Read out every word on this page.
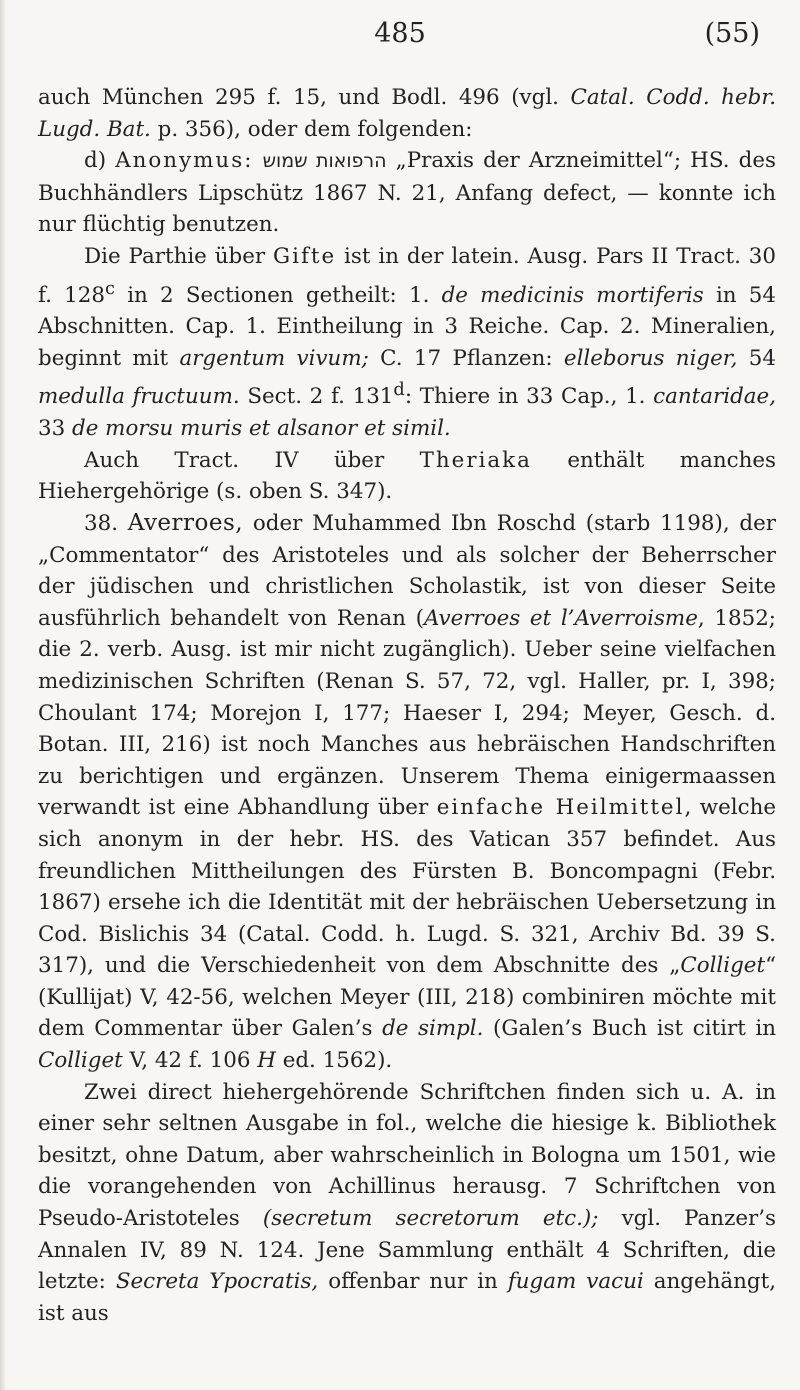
485	(55)

auch München 295 f. 15, und Bodl. 496 (vgl. Catal. Codd. hebr. Lugd. Bat. p. 356), oder dem folgenden:

d) Anonymus: הרפואות שמוש „Praxis der Arzneimittel“; HS. des Buchhändlers Lipschütz 1867 N. 21, Anfang defect, — konnte ich nur flüchtig benutzen.

Die Parthie über Gifte ist in der latein. Ausg. Pars II Tract. 30 f. 128$^c$ in 2 Sectionen getheilt: 1. de medicinis mortiferis in 54 Abschnitten. Cap. 1. Eintheilung in 3 Reiche. Cap. 2. Mineralien, beginnt mit argentum vivum; C. 17 Pflanzen: elleborus niger, 54 medulla fructuum. Sect. 2 f. 131$^d$: Thiere in 33 Cap., 1. cantaridae, 33 de morsu muris et alsanor et simil.

Auch Tract. IV über Theriaka enthält manches Hiehergehörige (s. oben S. 347).

38. Averroes, oder Muhammed Ibn Roschd (starb 1198), der „Commentator“ des Aristoteles und als solcher der Beherrscher der jüdischen und christlichen Scholastik, ist von dieser Seite ausführlich behandelt von Renan (Averroes et l’Averroisme, 1852; die 2. verb. Ausg. ist mir nicht zugänglich). Ueber seine vielfachen medizinischen Schriften (Renan S. 57, 72, vgl. Haller, pr. I, 398; Choulant 174; Morejon I, 177; Haeser I, 294; Meyer, Gesch. d. Botan. III, 216) ist noch Manches aus hebräischen Handschriften zu berichtigen und ergänzen. Unserem Thema einigermaassen verwandt ist eine Abhandlung über einfache Heilmittel, welche sich anonym in der hebr. HS. des Vatican 357 befindet. Aus freundlichen Mittheilungen des Fürsten B. Boncompagni (Febr. 1867) ersehe ich die Identität mit der hebräischen Uebersetzung in Cod. Bislichis 34 (Catal. Codd. h. Lugd. S. 321, Archiv Bd. 39 S. 317), und die Verschiedenheit von dem Abschnitte des „Colliget“ (Kullijat) V, 42-56, welchen Meyer (III, 218) combiniren möchte mit dem Commentar über Galen’s de simpl. (Galen’s Buch ist citirt in Colliget V, 42 f. 106 H ed. 1562).

Zwei direct hiehergehörende Schriftchen finden sich u. A. in einer sehr seltnen Ausgabe in fol., welche die hiesige k. Bibliothek besitzt, ohne Datum, aber wahrscheinlich in Bologna um 1501, wie die vorangehenden von Achillinus herausg. 7 Schriftchen von Pseudo-Aristoteles (secretum secretorum etc.); vgl. Panzer’s Annalen IV, 89 N. 124. Jene Sammlung enthält 4 Schriften, die letzte: Secreta Ypocratis, offenbar nur in fugam vacui angehängt, ist aus
